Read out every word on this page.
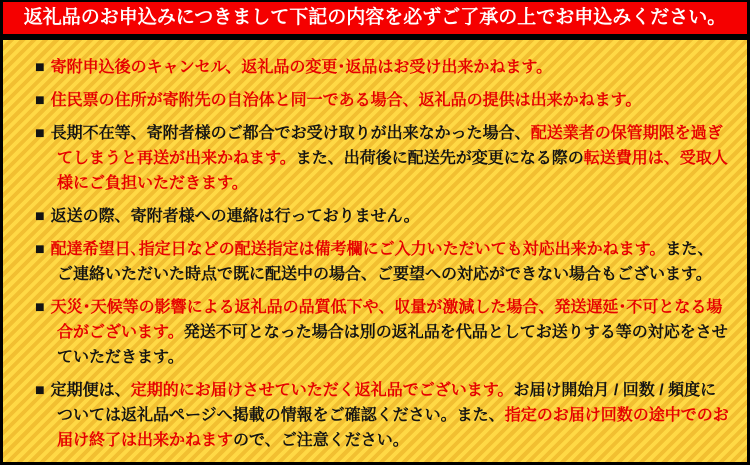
返礼品のお申込みにつきまして下記の内容を必ずご了承の上でお申込みください。

■ 寄附申込後のキャンセル、返礼品の変更･返品はお受け出来かねます。

■ 住民票の住所が寄附先の自治体と同一である場合、返礼品の提供は出来かねます。

■ 長期不在等、寄附者様のご都合でお受け取りが出来なかった場合、配送業者の保管期限を過ぎてしまうと再送が出来かねます。また、出荷後に配送先が変更になる際の転送費用は、受取人様にご負担いただきます。

■ 返送の際、寄附者様への連絡は行っておりません。

■ 配達希望日､指定日などの配送指定は備考欄にご入力いただいても対応出来かねます。また、ご連絡いただいた時点で既に配送中の場合、ご要望への対応ができない場合もございます。

■ 天災･天候等の影響による返礼品の品質低下や、収量が激減した場合、発送遅延･不可となる場合がございます。発送不可となった場合は別の返礼品を代品としてお送りする等の対応をさせていただきます。

■ 定期便は、定期的にお届けさせていただく返礼品でございます。お届け開始月 / 回数 / 頻度については返礼品ページへ掲載の情報をご確認ください。また、指定のお届け回数の途中でのお届け終了は出来かねますので、ご注意ください。
